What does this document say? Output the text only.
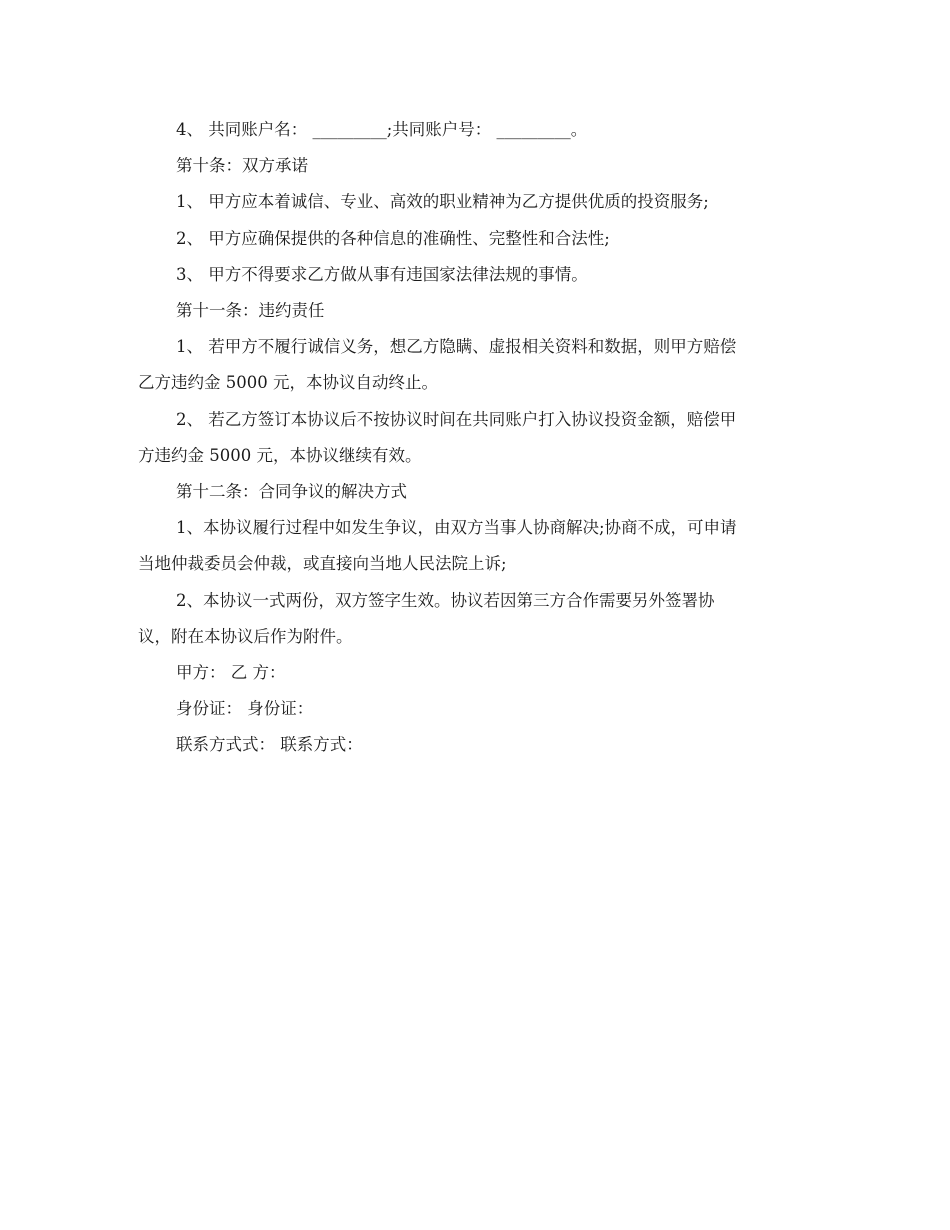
4、 共同账户名： _________;共同账户号： _________。

第十条：双方承诺

1、 甲方应本着诚信、专业、高效的职业精神为乙方提供优质的投资服务;

2、 甲方应确保提供的各种信息的准确性、完整性和合法性;

3、 甲方不得要求乙方做从事有违国家法律法规的事情。

第十一条：违约责任

1、 若甲方不履行诚信义务，想乙方隐瞒、虚报相关资料和数据，则甲方赔偿

乙方违约金 5000 元，本协议自动终止。

2、 若乙方签订本协议后不按协议时间在共同账户打入协议投资金额，赔偿甲

方违约金 5000 元，本协议继续有效。

第十二条：合同争议的解决方式

1、本协议履行过程中如发生争议，由双方当事人协商解决;协商不成，可申请

当地仲裁委员会仲裁，或直接向当地人民法院上诉;

2、本协议一式两份，双方签字生效。协议若因第三方合作需要另外签署协

议，附在本协议后作为附件。

甲方： 乙 方：

身份证： 身份证：

联系方式式： 联系方式：
